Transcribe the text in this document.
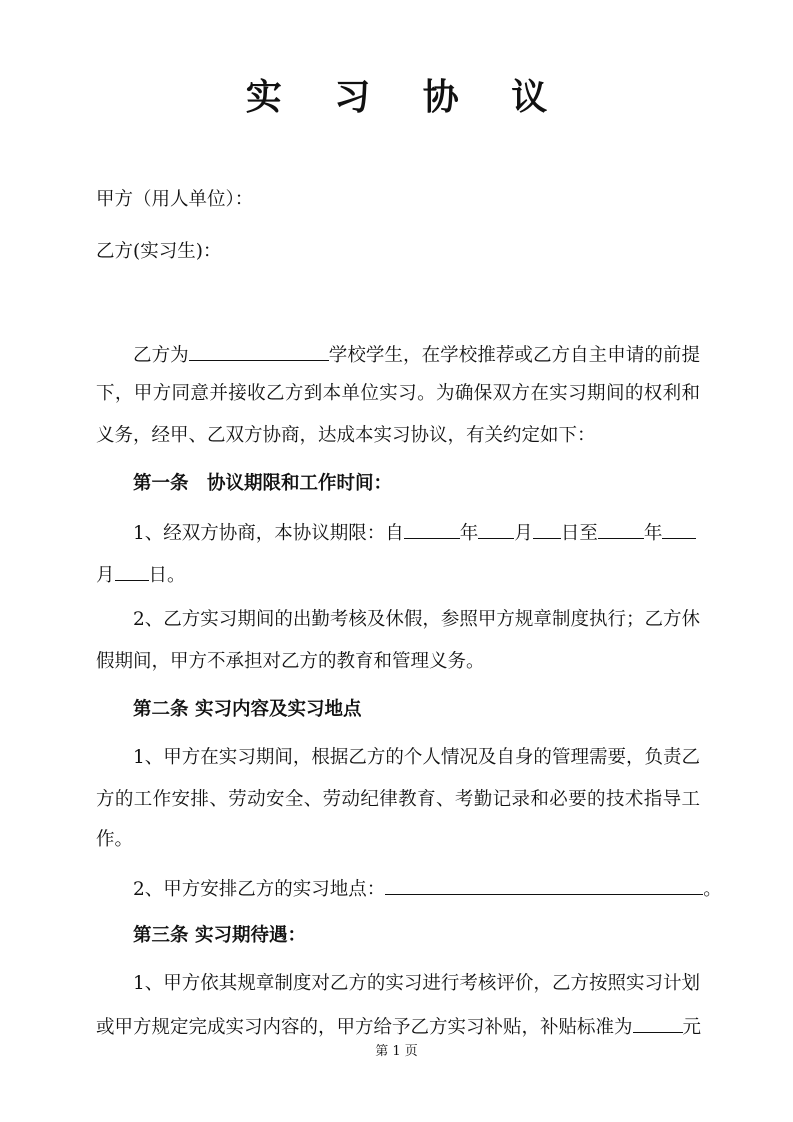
实 习 协 议
甲方（用人单位）：
乙方(实习生)：
乙方为	学校学生，在学校推荐或乙方自主申请的前提
下，甲方同意并接收乙方到本单位实习。为确保双方在实习期间的权利和
义务，经甲、乙双方协商，达成本实习协议，有关约定如下：
第一条　协议期限和工作时间：
1、经双方协商，本协议期限：自	年 月 日至 年
月 日。
2、乙方实习期间的出勤考核及休假，参照甲方规章制度执行；乙方休
假期间，甲方不承担对乙方的教育和管理义务。
第二条 实习内容及实习地点
1、甲方在实习期间，根据乙方的个人情况及自身的管理需要，负责乙
方的工作安排、劳动安全、劳动纪律教育、考勤记录和必要的技术指导工
作。
2、甲方安排乙方的实习地点：	。
第三条 实习期待遇：
1、甲方依其规章制度对乙方的实习进行考核评价，乙方按照实习计划
或甲方规定完成实习内容的，甲方给予乙方实习补贴，补贴标准为	元
第 1 页
